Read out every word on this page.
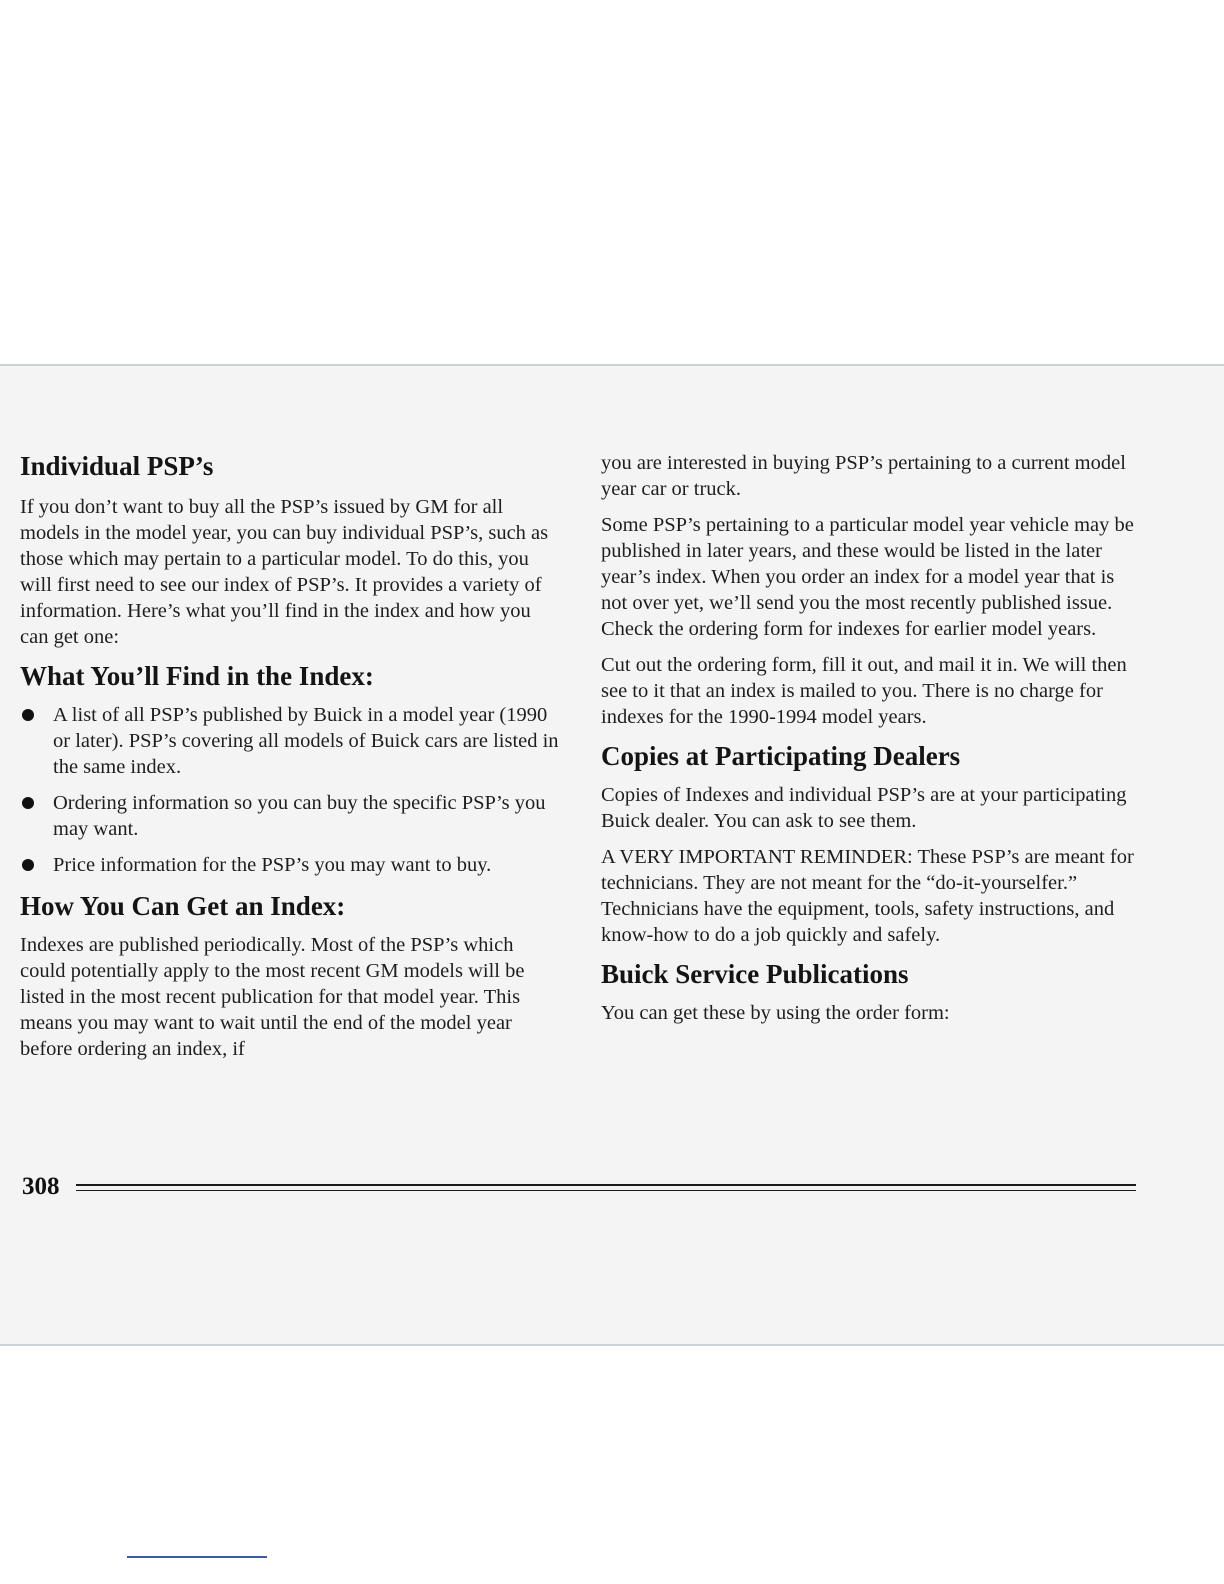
Individual PSP’s

If you don’t want to buy all the PSP’s issued by GM for all models in the model year, you can buy individual PSP’s, such as those which may pertain to a particular model. To do this, you will first need to see our index of PSP’s. It provides a variety of information. Here’s what you’ll find in the index and how you can get one:

What You’ll Find in the Index:
A list of all PSP’s published by Buick in a model year (1990 or later). PSP’s covering all models of Buick cars are listed in the same index.
Ordering information so you can buy the specific PSP’s you may want.
Price information for the PSP’s you may want to buy.
How You Can Get an Index:

Indexes are published periodically. Most of the PSP’s which could potentially apply to the most recent GM models will be listed in the most recent publication for that model year. This means you may want to wait until the end of the model year before ordering an index, if

you are interested in buying PSP’s pertaining to a current model year car or truck.

Some PSP’s pertaining to a particular model year vehicle may be published in later years, and these would be listed in the later year’s index. When you order an index for a model year that is not over yet, we’ll send you the most recently published issue. Check the ordering form for indexes for earlier model years.

Cut out the ordering form, fill it out, and mail it in. We will then see to it that an index is mailed to you. There is no charge for indexes for the 1990-1994 model years.

Copies at Participating Dealers

Copies of Indexes and individual PSP’s are at your participating Buick dealer. You can ask to see them.

A VERY IMPORTANT REMINDER: These PSP’s are meant for technicians. They are not meant for the “do-it-yourselfer.” Technicians have the equipment, tools, safety instructions, and know-how to do a job quickly and safely.

Buick Service Publications

You can get these by using the order form:

308
